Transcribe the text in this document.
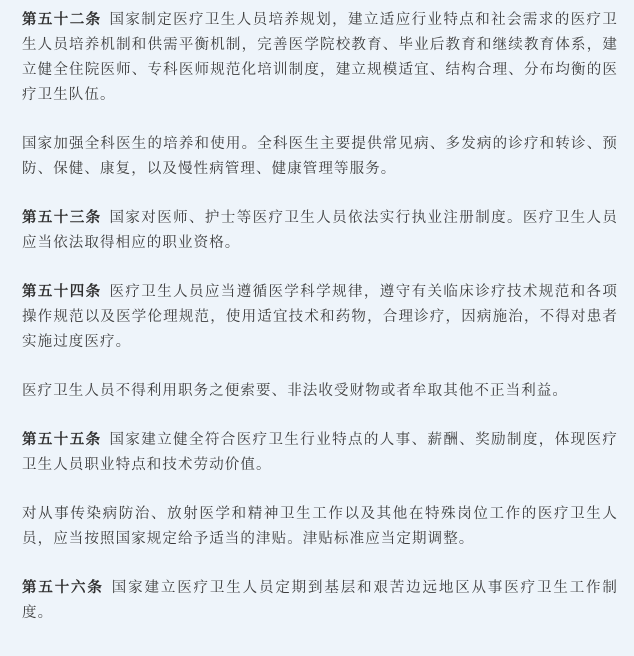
第五十二条 国家制定医疗卫生人员培养规划，建立适应行业特点和社会需求的医疗卫生人员培养机制和供需平衡机制，完善医学院校教育、毕业后教育和继续教育体系，建立健全住院医师、专科医师规范化培训制度，建立规模适宜、结构合理、分布均衡的医疗卫生队伍。

国家加强全科医生的培养和使用。全科医生主要提供常见病、多发病的诊疗和转诊、预防、保健、康复，以及慢性病管理、健康管理等服务。

第五十三条 国家对医师、护士等医疗卫生人员依法实行执业注册制度。医疗卫生人员应当依法取得相应的职业资格。

第五十四条 医疗卫生人员应当遵循医学科学规律，遵守有关临床诊疗技术规范和各项操作规范以及医学伦理规范，使用适宜技术和药物，合理诊疗，因病施治，不得对患者实施过度医疗。

医疗卫生人员不得利用职务之便索要、非法收受财物或者牟取其他不正当利益。

第五十五条 国家建立健全符合医疗卫生行业特点的人事、薪酬、奖励制度，体现医疗卫生人员职业特点和技术劳动价值。

对从事传染病防治、放射医学和精神卫生工作以及其他在特殊岗位工作的医疗卫生人员，应当按照国家规定给予适当的津贴。津贴标准应当定期调整。

第五十六条 国家建立医疗卫生人员定期到基层和艰苦边远地区从事医疗卫生工作制度。
